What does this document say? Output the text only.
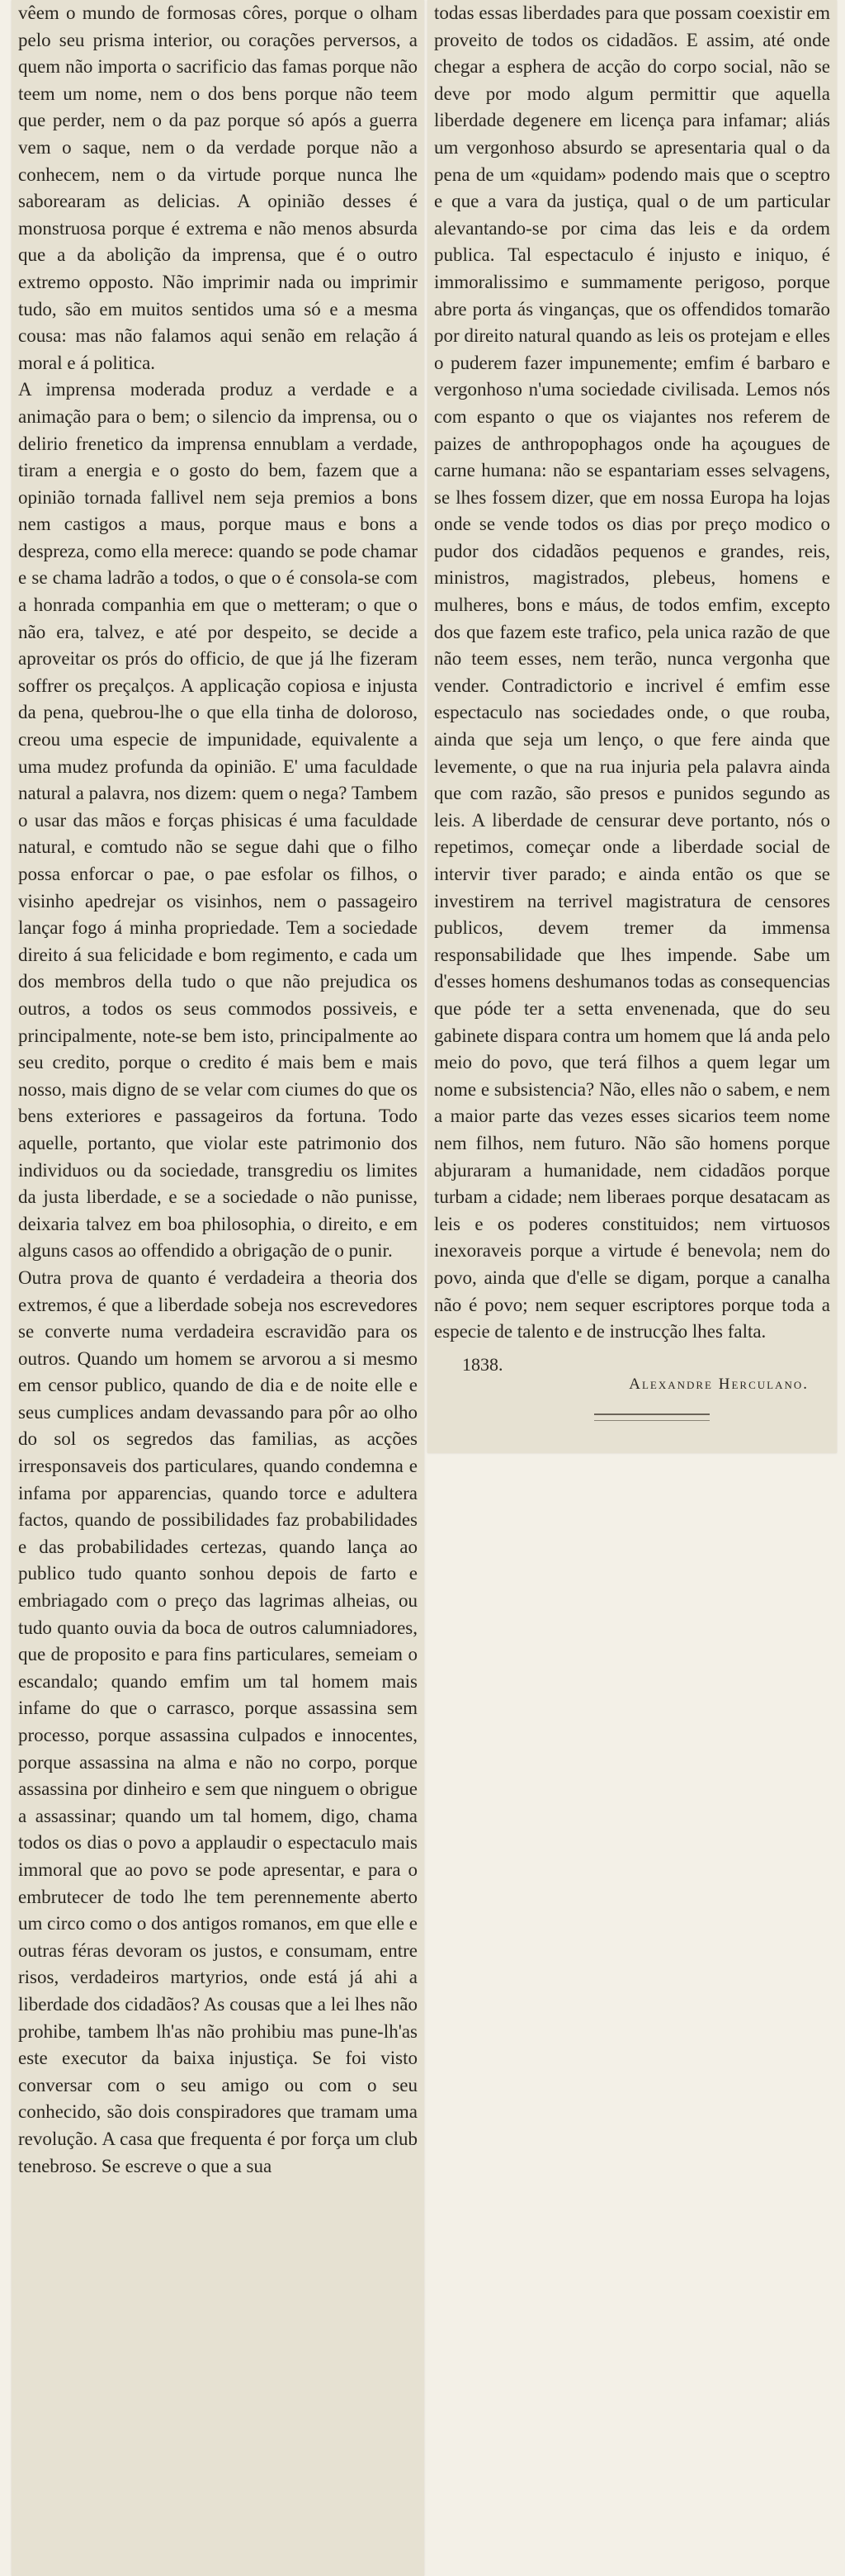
vêem o mundo de formosas côres, porque o olham pelo seu prisma interior, ou corações perversos, a quem não importa o sacrificio das famas porque não teem um nome, nem o dos bens porque não teem que perder, nem o da paz porque só após a guerra vem o saque, nem o da verdade porque não a conhecem, nem o da virtude porque nunca lhe saborearam as delicias. A opinião desses é monstruosa porque é extrema e não menos absurda que a da abolição da imprensa, que é o outro extremo opposto. Não imprimir nada ou imprimir tudo, são em muitos sentidos uma só e a mesma cousa: mas não falamos aqui senão em relação á moral e á politica.
A imprensa moderada produz a verdade e a animação para o bem; o silencio da imprensa, ou o delirio frenetico da imprensa ennublam a verdade, tiram a energia e o gosto do bem, fazem que a opinião tornada fallivel nem seja premios a bons nem castigos a maus, porque maus e bons a despreza, como ella merece: quando se pode chamar e se chama ladrão a todos, o que o é consola-se com a honrada companhia em que o metteram; o que o não era, talvez, e até por despeito, se decide a aproveitar os prós do officio, de que já lhe fizeram soffrer os preçalços. A applicação copiosa e injusta da pena, quebrou-lhe o que ella tinha de doloroso, creou uma especie de impunidade, equivalente a uma mudez profunda da opinião. E' uma faculdade natural a palavra, nos dizem: quem o nega? Tambem o usar das mãos e forças phisicas é uma faculdade natural, e comtudo não se segue dahi que o filho possa enforcar o pae, o pae esfolar os filhos, o visinho apedrejar os visinhos, nem o passageiro lançar fogo á minha propriedade. Tem a sociedade direito á sua felicidade e bom regimento, e cada um dos membros della tudo o que não prejudica os outros, a todos os seus commodos possiveis, e principalmente, note-se bem isto, principalmente ao seu credito, porque o credito é mais bem e mais nosso, mais digno de se velar com ciumes do que os bens exteriores e passageiros da fortuna. Todo aquelle, portanto, que violar este patrimonio dos individuos ou da sociedade, transgrediu os limites da justa liberdade, e se a sociedade o não punisse, deixaria talvez em boa philosophia, o direito, e em alguns casos ao offendido a obrigação de o punir.
Outra prova de quanto é verdadeira a theoria dos extremos, é que a liberdade sobeja nos escrevedores se converte numa verdadeira escravidão para os outros. Quando um homem se arvorou a si mesmo em censor publico, quando de dia e de noite elle e seus cumplices andam devassando para pôr ao olho do sol os segredos das familias, as acções irresponsaveis dos particulares, quando condemna e infama por apparencias, quando torce e adultera factos, quando de possibilidades faz probabilidades e das probabilidades certezas, quando lança ao publico tudo quanto sonhou depois de farto e embriagado com o preço das lagrimas alheias, ou tudo quanto ouvia da boca de outros calumniadores, que de proposito e para fins particulares, semeiam o escandalo; quando emfim um tal homem mais infame do que o carrasco, porque assassina sem processo, porque assassina culpados e innocentes, porque assassina na alma e não no corpo, porque assassina por dinheiro e sem que ninguem o obrigue a assassinar; quando um tal homem, digo, chama todos os dias o povo a applaudir o espectaculo mais immoral que ao povo se pode apresentar, e para o embrutecer de todo lhe tem perennemente aberto um circo como o dos antigos romanos, em que elle e outras féras devoram os justos, e consumam, entre risos, verdadeiros martyrios, onde está já ahi a liberdade dos cidadãos? As cousas que a lei lhes não prohibe, tambem lh'as não prohibiu mas pune-lh'as este executor da baixa injustiça. Se foi visto conversar com o seu amigo ou com o seu conhecido, são dois conspiradores que tramam uma revolução. A casa que frequenta é por força um club tenebroso. Se escreve o que a sua

todas essas liberdades para que possam coexistir em proveito de todos os cidadãos. E assim, até onde chegar a esphera de acção do corpo social, não se deve por modo algum permittir que aquella liberdade degenere em licença para infamar; aliás um vergonhoso absurdo se apresentaria qual o da pena de um «quidam» podendo mais que o sceptro e que a vara da justiça, qual o de um particular alevantando-se por cima das leis e da ordem publica. Tal espectaculo é injusto e iniquo, é immoralissimo e summamente perigoso, porque abre porta ás vinganças, que os offendidos tomarão por direito natural quando as leis os protejam e elles o puderem fazer impunemente; emfim é barbaro e vergonhoso n'uma sociedade civilisada. Lemos nós com espanto o que os viajantes nos referem de paizes de anthropophagos onde ha açougues de carne humana: não se espantariam esses selvagens, se lhes fossem dizer, que em nossa Europa ha lojas onde se vende todos os dias por preço modico o pudor dos cidadãos pequenos e grandes, reis, ministros, magistrados, plebeus, homens e mulheres, bons e máus, de todos emfim, excepto dos que fazem este trafico, pela unica razão de que não teem esses, nem terão, nunca vergonha que vender. Contradictorio e incrivel é emfim esse espectaculo nas sociedades onde, o que rouba, ainda que seja um lenço, o que fere ainda que levemente, o que na rua injuria pela palavra ainda que com razão, são presos e punidos segundo as leis. A liberdade de censurar deve portanto, nós o repetimos, começar onde a liberdade social de intervir tiver parado; e ainda então os que se investirem na terrivel magistratura de censores publicos, devem tremer da immensa responsabilidade que lhes impende. Sabe um d'esses homens deshumanos todas as consequencias que póde ter a setta envenenada, que do seu gabinete dispara contra um homem que lá anda pelo meio do povo, que terá filhos a quem legar um nome e subsistencia? Não, elles não o sabem, e nem a maior parte das vezes esses sicarios teem nome nem filhos, nem futuro. Não são homens porque abjuraram a humanidade, nem cidadãos porque turbam a cidade; nem liberaes porque desatacam as leis e os poderes constituidos; nem virtuosos inexoraveis porque a virtude é benevola; nem do povo, ainda que d'elle se digam, porque a canalha não é povo; nem sequer escriptores porque toda a especie de talento e de instrucção lhes falta.

1838.
Alexandre Herculano.
